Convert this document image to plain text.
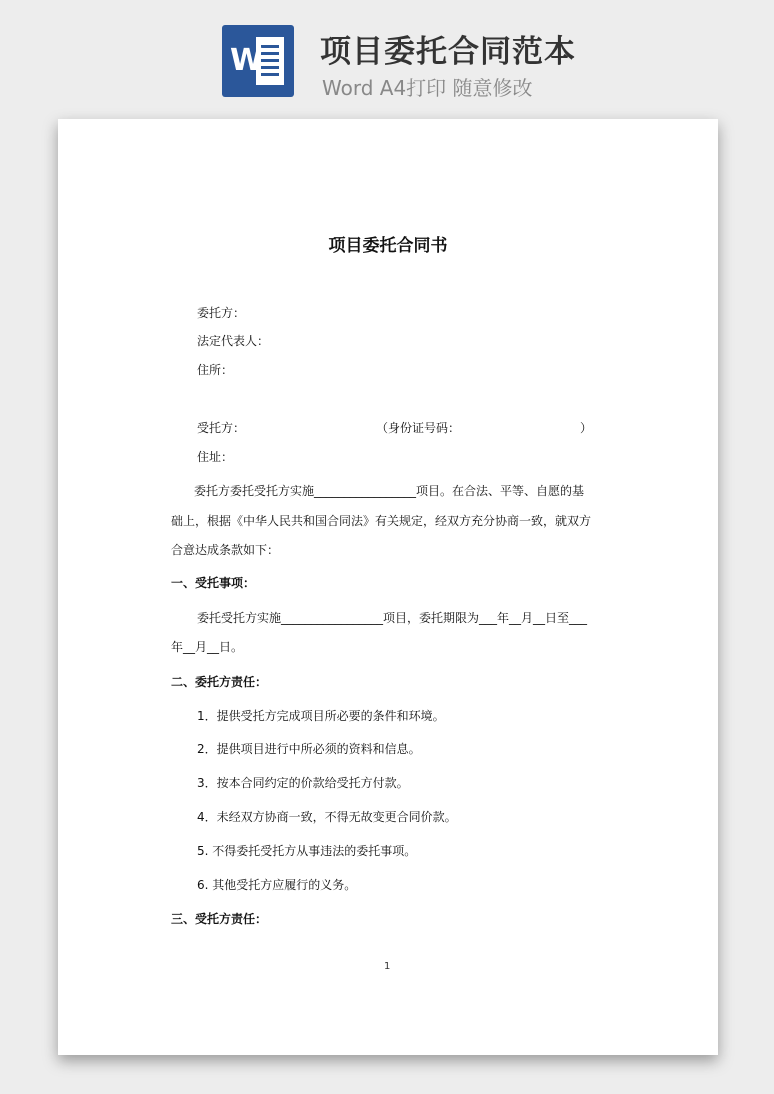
W 项目委托合同范本
Word A4打印 随意修改
项目委托合同书
委托方：
法定代表人：
住所：
受托方：	（身份证号码：	）
住址：
委托方委托受托方实施_________________项目。在合法、平等、自愿的基
础上，根据《中华人民共和国合同法》有关规定，经双方充分协商一致，就双方
合意达成条款如下：
一、受托事项：
委托受托方实施_________________项目，委托期限为___年__月__日至___
年__月__日。
二、委托方责任：
1．提供受托方完成项目所必要的条件和环境。
2．提供项目进行中所必须的资料和信息。
3．按本合同约定的价款给受托方付款。
4．未经双方协商一致，不得无故变更合同价款。
5. 不得委托受托方从事违法的委托事项。
6. 其他受托方应履行的义务。
三、受托方责任：
1
